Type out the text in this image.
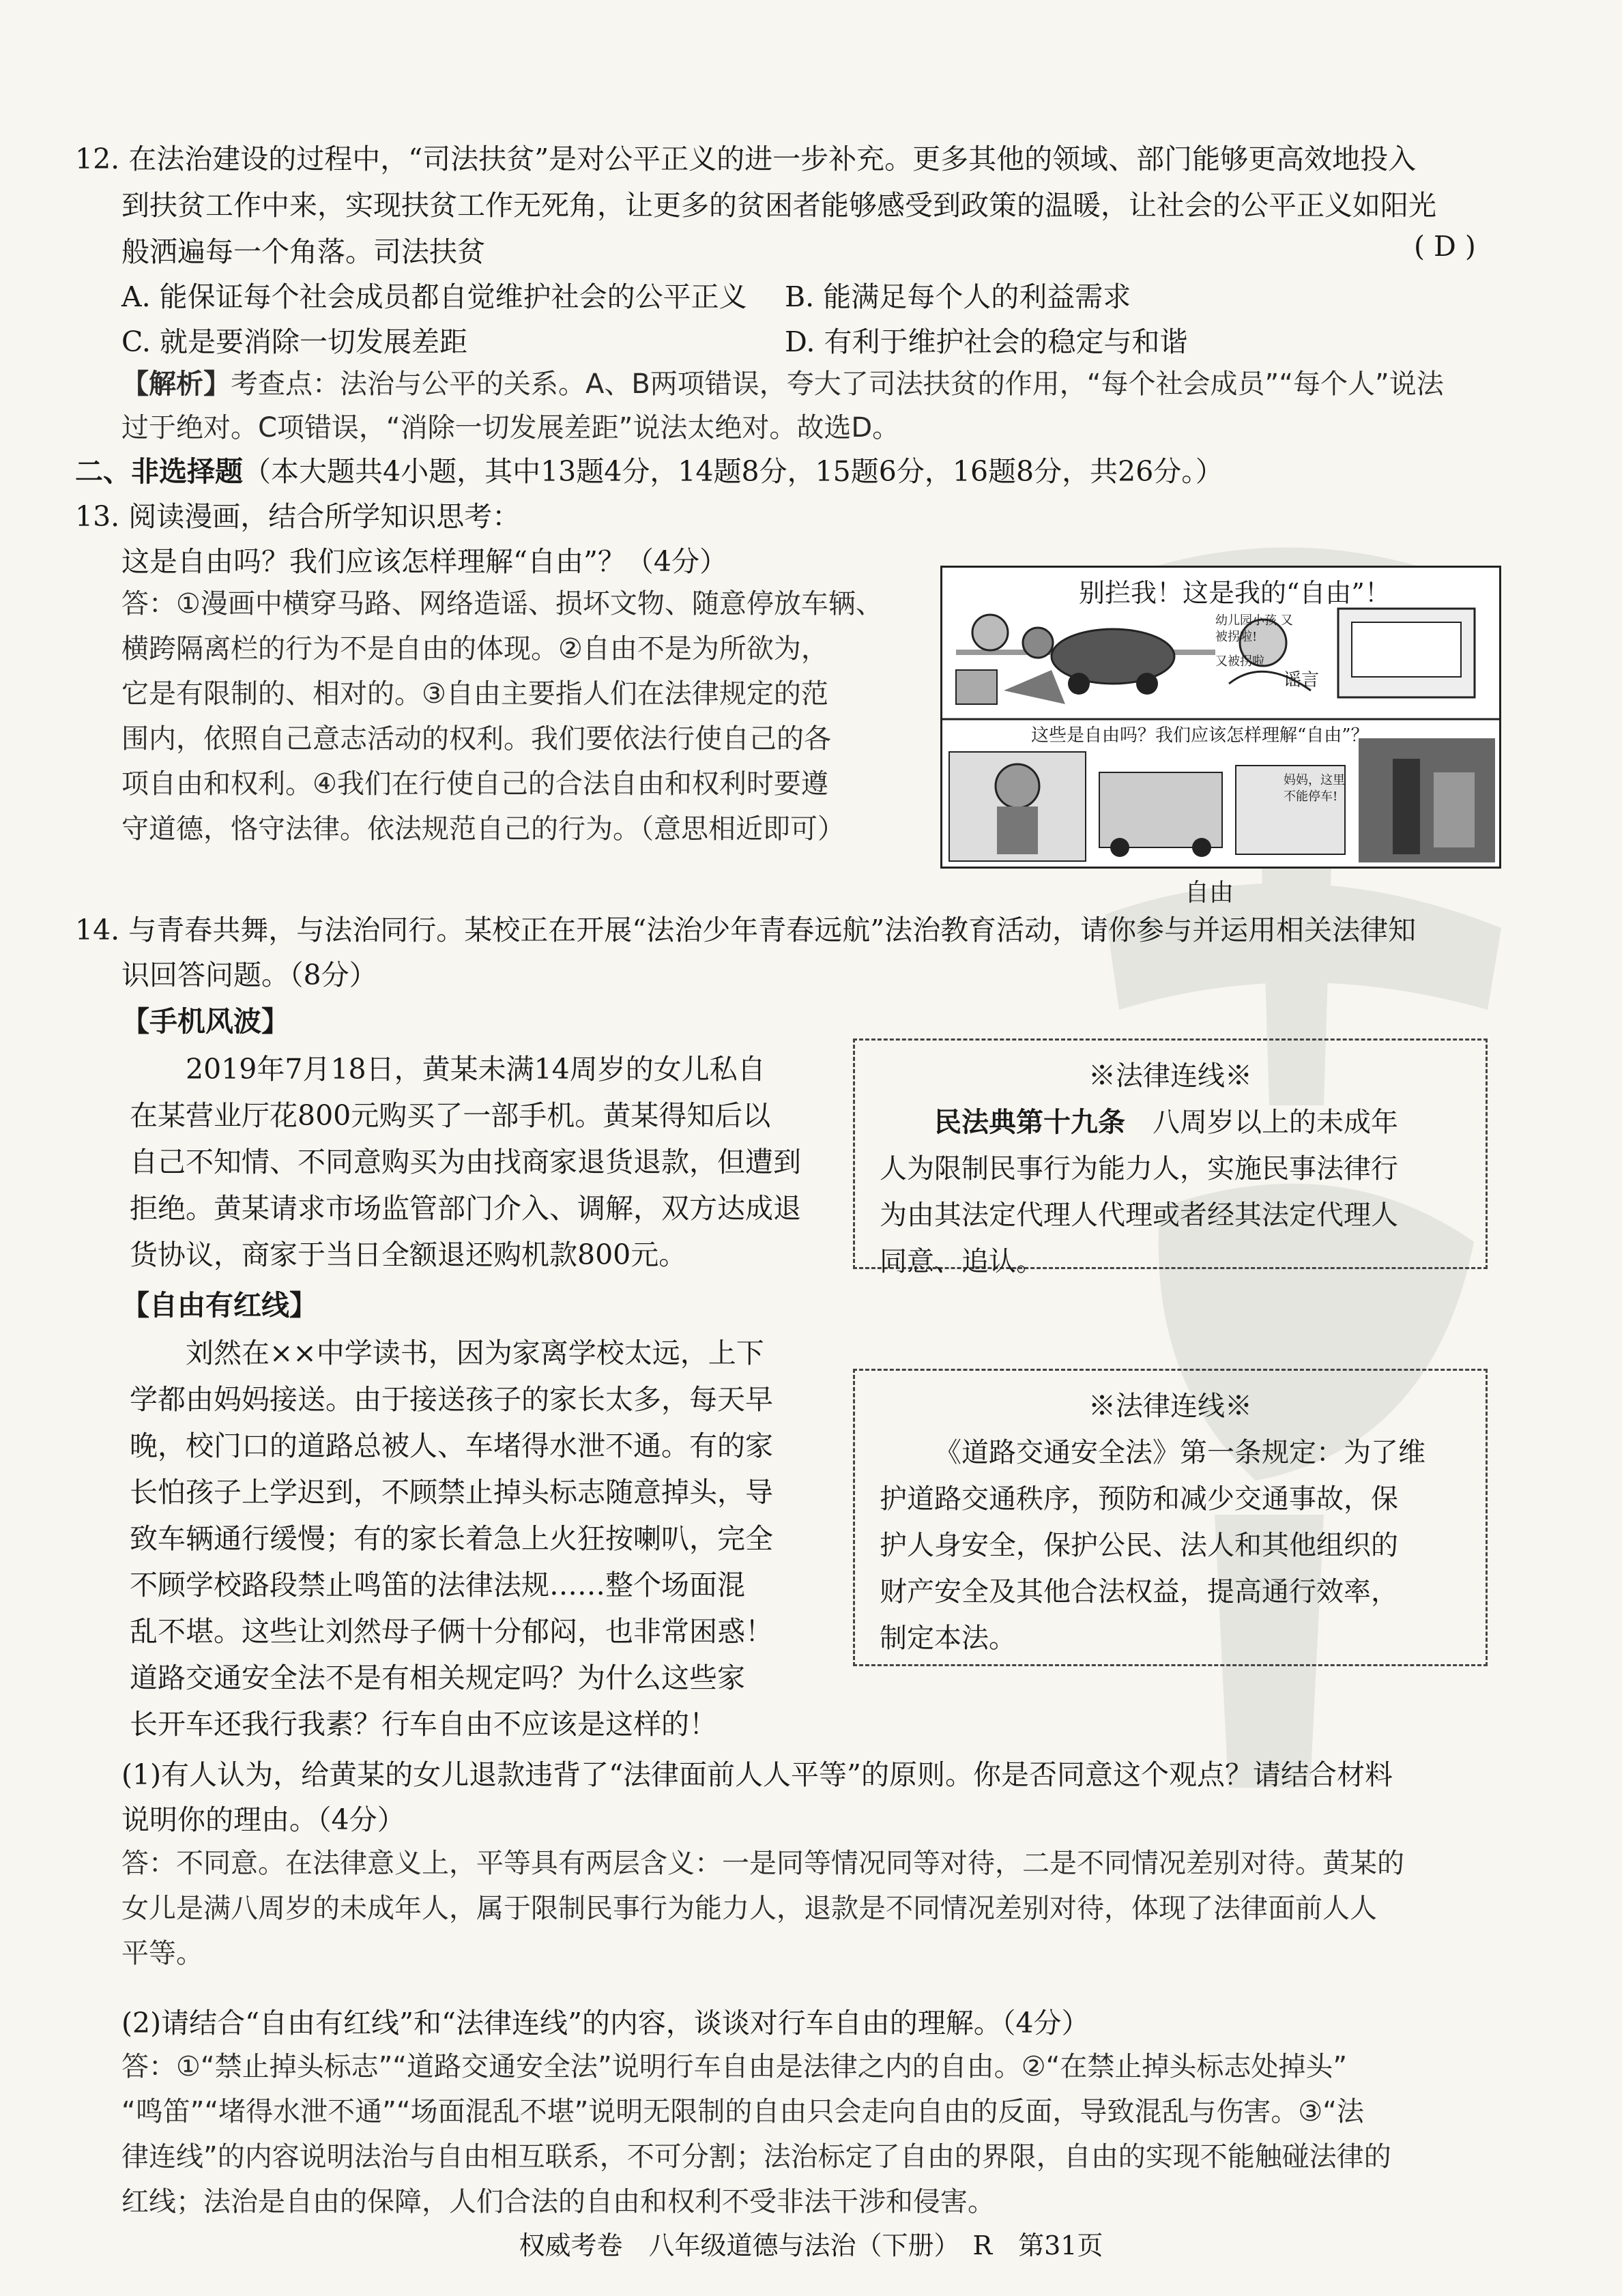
12. 在法治建设的过程中，“司法扶贫”是对公平正义的进一步补充。更多其他的领域、部门能够更高效地投入
到扶贫工作中来，实现扶贫工作无死角，让更多的贫困者能够感受到政策的温暖，让社会的公平正义如阳光
般洒遍每一个角落。司法扶贫	( D )
A. 能保证每个社会成员都自觉维护社会的公平正义 B. 能满足每个人的利益需求
C. 就是要消除一切发展差距	D. 有利于维护社会的稳定与和谐
【解析】考查点：法治与公平的关系。A、B两项错误，夸大了司法扶贫的作用，“每个社会成员”“每个人”说法
过于绝对。C项错误，“消除一切发展差距”说法太绝对。故选D。
二、非选择题（本大题共4小题，其中13题4分，14题8分，15题6分，16题8分，共26分。）
13. 阅读漫画，结合所学知识思考：
这是自由吗？我们应该怎样理解“自由”？（4分）
答：①漫画中横穿马路、网络造谣、损坏文物、随意停放车辆、
横跨隔离栏的行为不是自由的体现。②自由不是为所欲为，
它是有限制的、相对的。③自由主要指人们在法律规定的范
围内，依照自己意志活动的权利。我们要依法行使自己的各
项自由和权利。④我们在行使自己的合法自由和权利时要遵
守道德，恪守法律。依法规范自己的行为。（意思相近即可）
别拦我！这是我的“自由”！
这些是自由吗？我们应该怎样理解“自由”？
幼儿园小孩 又被拐啦!
又被拐啦
谣言
妈妈，这里 不能停车!
自由
14. 与青春共舞，与法治同行。某校正在开展“法治少年青春远航”法治教育活动，请你参与并运用相关法律知
识回答问题。（8分）
【手机风波】
2019年7月18日，黄某未满14周岁的女儿私自
在某营业厅花800元购买了一部手机。黄某得知后以
自己不知情、不同意购买为由找商家退货退款，但遭到
拒绝。黄某请求市场监管部门介入、调解，双方达成退
货协议，商家于当日全额退还购机款800元。
※法律连线※
民法典第十九条　 八周岁以上的未成年
人为限制民事行为能力人，实施民事法律行
为由其法定代理人代理或者经其法定代理人
同意、追认。
【自由有红线】
刘然在××中学读书，因为家离学校太远，上下
学都由妈妈接送。由于接送孩子的家长太多，每天早
晚，校门口的道路总被人、车堵得水泄不通。有的家
长怕孩子上学迟到，不顾禁止掉头标志随意掉头，导
致车辆通行缓慢；有的家长着急上火狂按喇叭，完全
不顾学校路段禁止鸣笛的法律法规……整个场面混
乱不堪。这些让刘然母子俩十分郁闷，也非常困惑！
道路交通安全法不是有相关规定吗？为什么这些家
长开车还我行我素？行车自由不应该是这样的！
※法律连线※
《道路交通安全法》第一条规定：为了维
护道路交通秩序，预防和减少交通事故，保
护人身安全，保护公民、法人和其他组织的
财产安全及其他合法权益，提高通行效率，
制定本法。
(1)有人认为，给黄某的女儿退款违背了“法律面前人人平等”的原则。你是否同意这个观点？请结合材料
说明你的理由。（4分）
答：不同意。在法律意义上，平等具有两层含义：一是同等情况同等对待，二是不同情况差别对待。黄某的
女儿是满八周岁的未成年人，属于限制民事行为能力人，退款是不同情况差别对待，体现了法律面前人人
平等。
(2)请结合“自由有红线”和“法律连线”的内容，谈谈对行车自由的理解。（4分）
答：①“禁止掉头标志”“道路交通安全法”说明行车自由是法律之内的自由。②“在禁止掉头标志处掉头”
“鸣笛”“堵得水泄不通”“场面混乱不堪”说明无限制的自由只会走向自由的反面，导致混乱与伤害。③“法
律连线”的内容说明法治与自由相互联系，不可分割；法治标定了自由的界限，自由的实现不能触碰法律的
红线；法治是自由的保障，人们合法的自由和权利不受非法干涉和侵害。
权威考卷　八年级道德与法治（下册）　R　第31页
